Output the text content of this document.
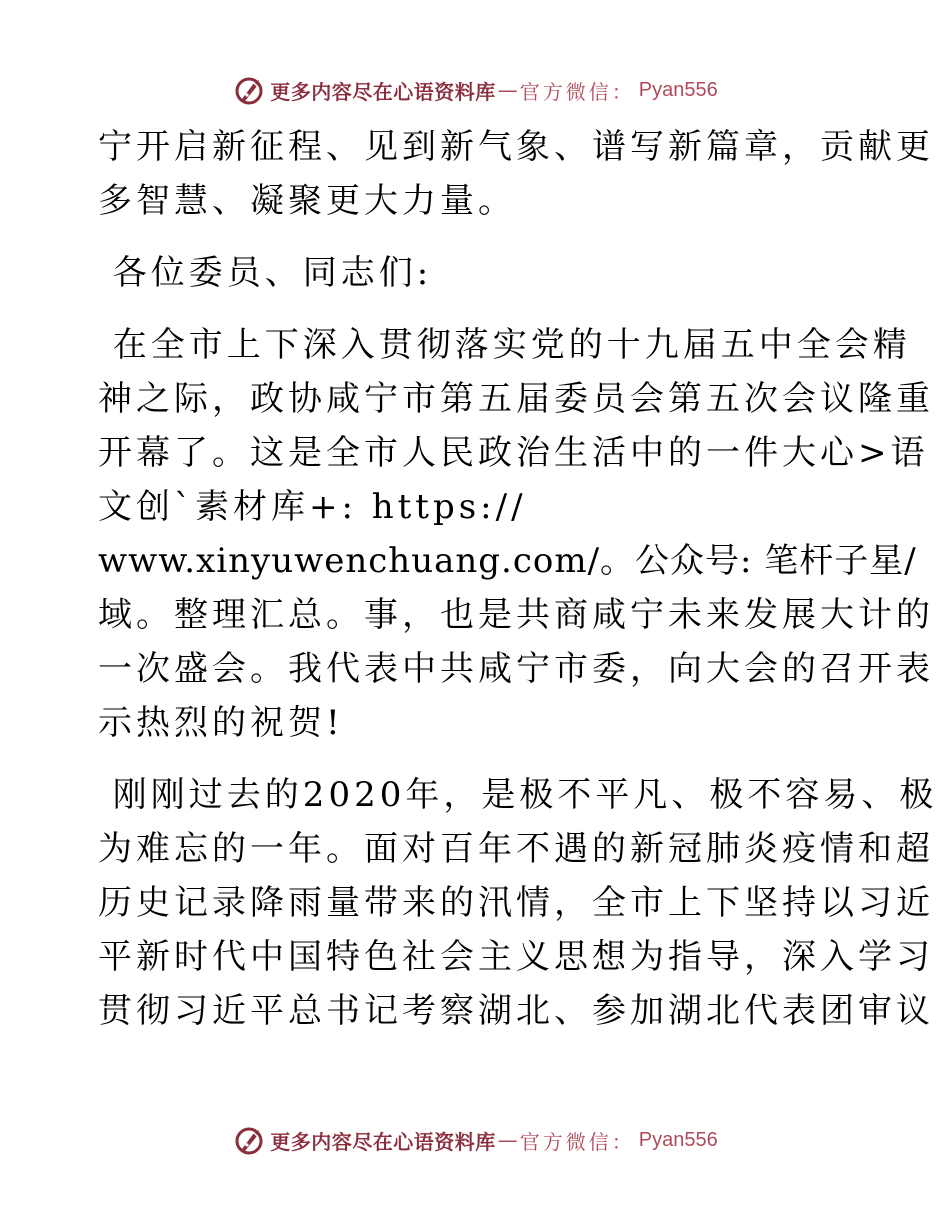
更多内容尽在心语资料库 — 官方微信： Pyan556

宁开启新征程、见到新气象、谱写新篇章，贡献更
多智慧、凝聚更大力量。

各位委员、同志们:

在全市上下深入贯彻落实党的十九届五中全会精
神之际，政协咸宁市第五届委员会第五次会议隆重
开幕了。这是全市人民政治生活中的一件大心>语
文创`素材库+: https://
www.xinyuwenchuang.com/。公众号: 笔杆子星/
域。整理汇总。事，也是共商咸宁未来发展大计的
一次盛会。我代表中共咸宁市委，向大会的召开表
示热烈的祝贺!

刚刚过去的2020年，是极不平凡、极不容易、极
为难忘的一年。面对百年不遇的新冠肺炎疫情和超
历史记录降雨量带来的汛情，全市上下坚持以习近
平新时代中国特色社会主义思想为指导，深入学习
贯彻习近平总书记考察湖北、参加湖北代表团审议

更多内容尽在心语资料库 — 官方微信： Pyan556
